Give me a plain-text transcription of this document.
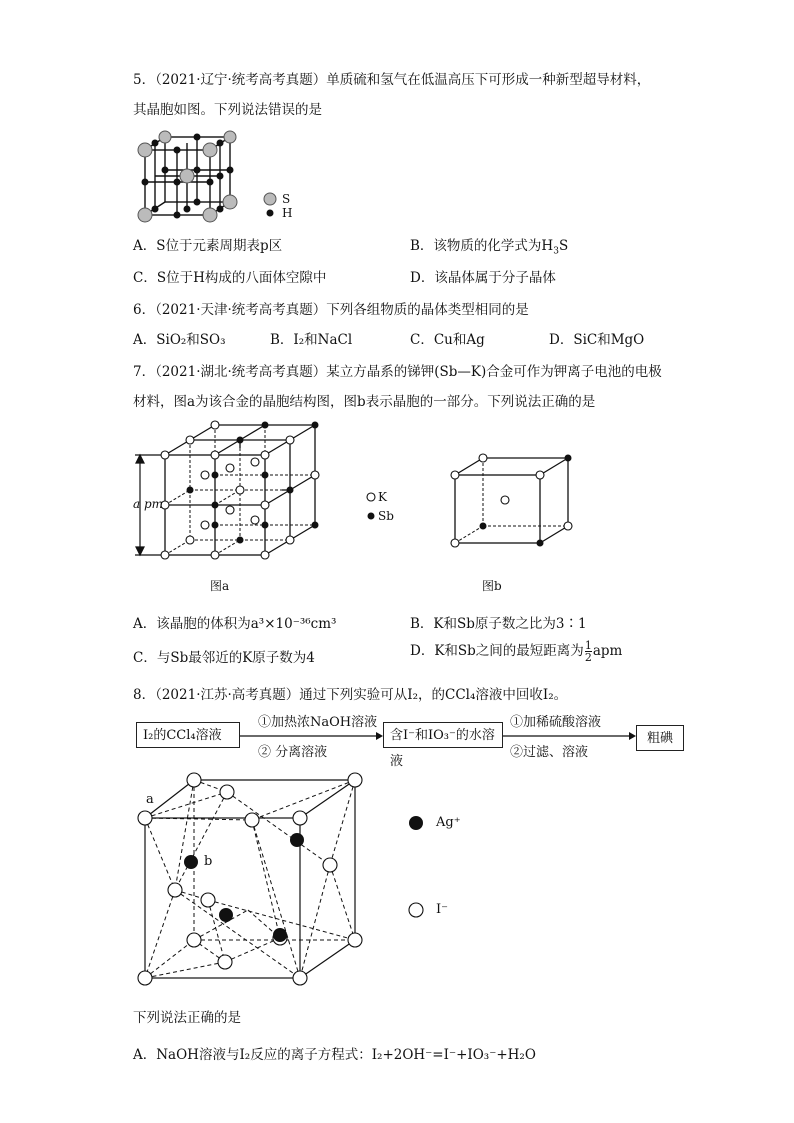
5．（2021·辽宁·统考高考真题）单质硫和氢气在低温高压下可形成一种新型超导材料，
其晶胞如图。下列说法错误的是
S
H
A．S位于元素周期表p区	B．该物质的化学式为$H_3S$
C．S位于H构成的八面体空隙中	D．该晶体属于分子晶体
6．（2021·天津·统考高考真题）下列各组物质的晶体类型相同的是
A．SiO₂和SO₃	B．I₂和NaCl	C．Cu和Ag	D．SiC和MgO
7．（2021·湖北·统考高考真题）某立方晶系的锑钾(Sb—K)合金可作为钾离子电池的电极
材料，图a为该合金的晶胞结构图，图b表示晶胞的一部分。下列说法正确的是
a pm	K
Sb
图a	图b
A．该晶胞的体积为a³×10⁻³⁶cm³	B．K和Sb原子数之比为3∶1
C．与Sb最邻近的K原子数为4	D．K和Sb之间的最短距离为 $\frac{1}{2}$ apm
8．（2021·江苏·高考真题）通过下列实验可从I₂，的CCl₄溶液中回收I₂。
I₂的CCl₄溶液
①加热浓NaOH溶液
② 分离溶液
含I⁻和IO₃⁻的水溶液
①加稀硫酸溶液
②过滤、溶液
粗碘
a
b
Ag⁺
I⁻
下列说法正确的是
A．NaOH溶液与I₂反应的离子方程式：I₂+2OH⁻=I⁻+IO₃⁻+H₂O
